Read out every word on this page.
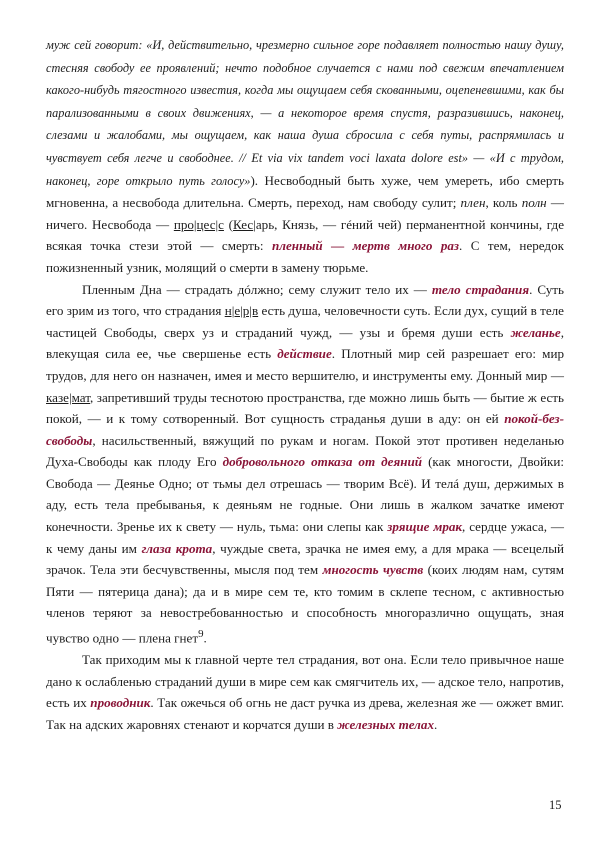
муж сей говорит: «И, действительно, чрезмерно сильное горе подавляет полностью нашу душу, стесняя свободу ее проявлений; нечто подобное случается с нами под свежим впечатлением какого-нибудь тягостного известия, когда мы ощущаем себя скованными, оцепеневшими, как бы парализованными в своих движениях, — а некоторое время спустя, разразившись, наконец, слезами и жалобами, мы ощущаем, как наша душа сбросила с себя путы, распрямилась и чувствует себя легче и свободнее. // Et via vix tandem voci laxata dolore est» — «И с трудом, наконец, горе открыло путь голосу»). Несвободный быть хуже, чем умереть, ибо смерть мгновенна, а несвобода длительна. Смерть, переход, нам свободу сулит; плен, коль полн — ничего. Несвобода — про|цес|с (Кес|арь, Князь, — гéний чей) перманентной кончины, где всякая точка стези этой — смерть: пленный — мертв много раз. С тем, нередок пожизненный узник, молящий о смерти в замену тюрьме.

Пленным Дна — страдать дóлжно; сему служит тело их — тело страдания. Суть его зрим из того, что страдания н|е|р|в есть душа, человечности суть. Если дух, сущий в теле частицей Свободы, сверх уз и страданий чужд, — узы и бремя души есть желанье, влекущая сила ее, чье свершенье есть действие. Плотный мир сей разрешает его: мир трудов, для него он назначен, имея и место вершителю, и инструменты ему. Донный мир — казе|мат, запретивший труды теснотою пространства, где можно лишь быть — бытие ж есть покой, — и к тому сотворенный. Вот сущность страданья души в аду: он ей покой-без-свободы, насильственный, вяжущий по рукам и ногам. Покой этот противен неделанью Духа-Свободы как плоду Его добровольного отказа от деяний (как многости, Двойки: Свобода — Деянье Одно; от тьмы дел отрешась — творим Всё). И телá душ, держимых в аду, есть тела пребыванья, к деяньям не годные. Они лишь в жалком зачатке имеют конечности. Зренье их к свету — нуль, тьма: они слепы как зрящие мрак, сердце ужаса, — к чему даны им глаза крота, чуждые света, зрачка не имея ему, а для мрака — всецелый зрачок. Тела эти бесчувственны, мысля под тем многость чувств (коих людям нам, сутям Пяти — пятерица дана); да и в мире сем те, кто томим в склепе тесном, с активностью членов теряют за невостребованностью и способность многоразлично ощущать, зная чувство одно — плена гнет$^9$.

Так приходим мы к главной черте тел страдания, вот она. Если тело привычное наше дано к ослабленью страданий души в мире сем как смягчитель их, — адское тело, напротив, есть их проводник. Так ожечься об огнь не даст ручка из древа, железная же — ожжет вмиг. Так на адских жаровнях стенают и корчатся души в железных телах.

15
